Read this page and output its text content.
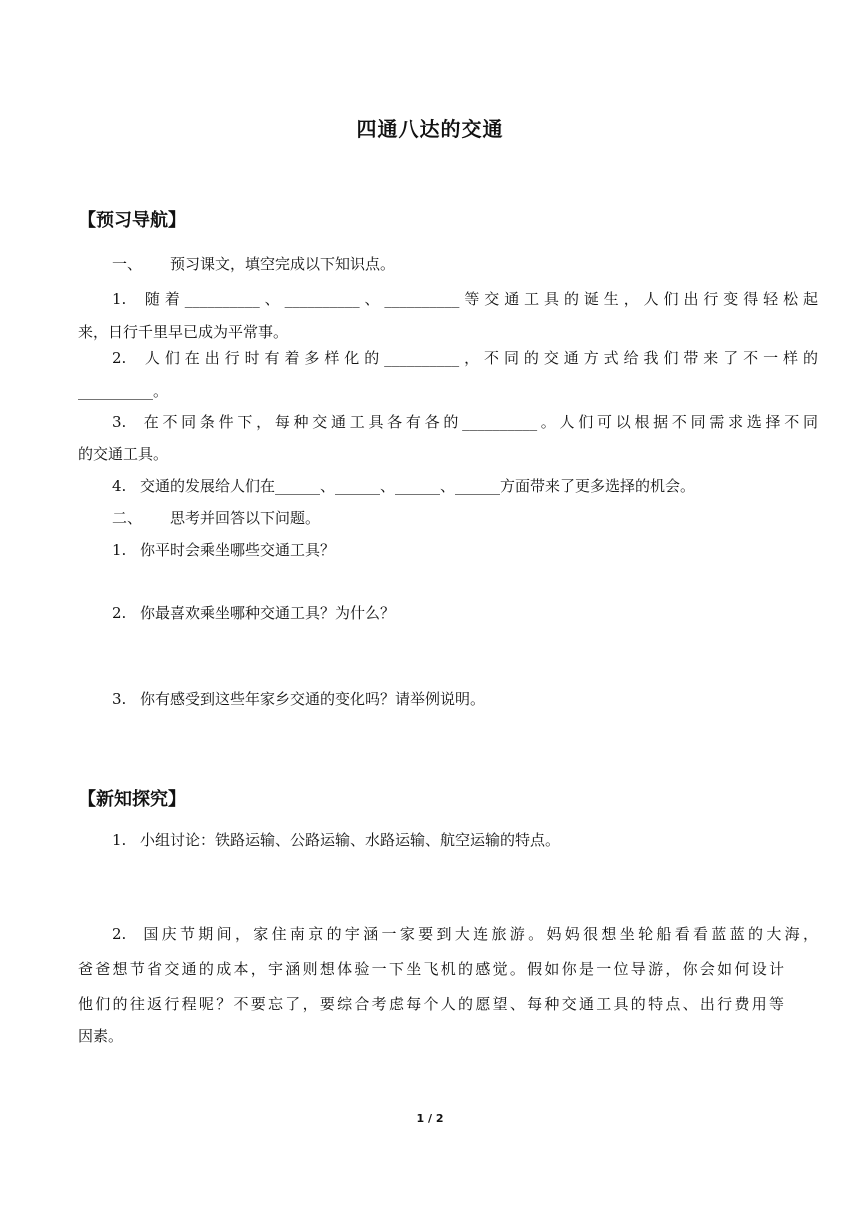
四通八达的交通
【预习导航】
一、 预习课文，填空完成以下知识点。
1. 随着__________、__________、__________等交通工具的诞生，人们出行变得轻松起
来，日行千里早已成为平常事。
2. 人们在出行时有着多样化的__________，不同的交通方式给我们带来了不一样的
__________。
3. 在不同条件下，每种交通工具各有各的__________。人们可以根据不同需求选择不同
的交通工具。
4. 交通的发展给人们在______、______、______、______方面带来了更多选择的机会。
二、 思考并回答以下问题。
1. 你平时会乘坐哪些交通工具？
2. 你最喜欢乘坐哪种交通工具？为什么？
3. 你有感受到这些年家乡交通的变化吗？请举例说明。
【新知探究】
1. 小组讨论：铁路运输、公路运输、水路运输、航空运输的特点。
2. 国庆节期间，家住南京的宇涵一家要到大连旅游。妈妈很想坐轮船看看蓝蓝的大海，
爸爸想节省交通的成本，宇涵则想体验一下坐飞机的感觉。假如你是一位导游，你会如何设计
他们的往返行程呢？不要忘了，要综合考虑每个人的愿望、每种交通工具的特点、出行费用等
因素。
1 / 2
